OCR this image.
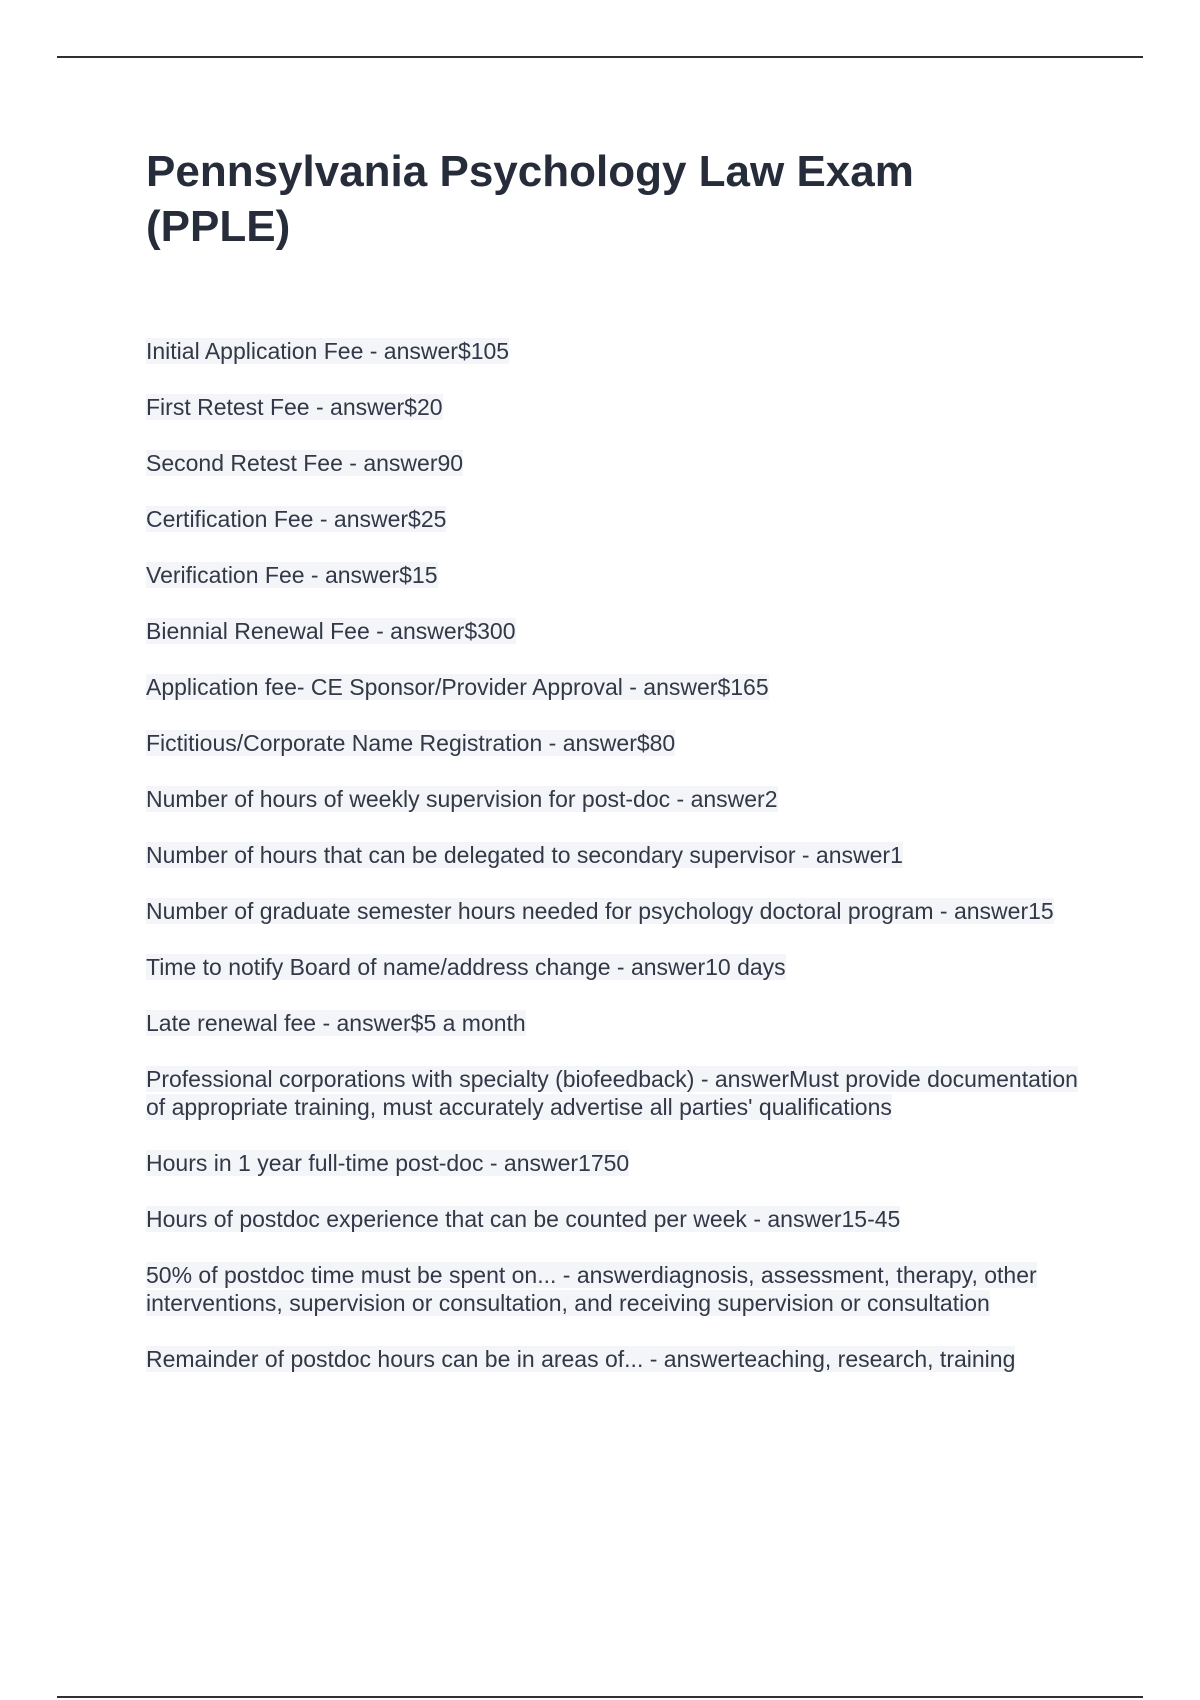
Pennsylvania Psychology Law Exam (PPLE)
Initial Application Fee - answer$105
First Retest Fee - answer$20
Second Retest Fee - answer90
Certification Fee - answer$25
Verification Fee - answer$15
Biennial Renewal Fee - answer$300
Application fee- CE Sponsor/Provider Approval - answer$165
Fictitious/Corporate Name Registration - answer$80
Number of hours of weekly supervision for post-doc - answer2
Number of hours that can be delegated to secondary supervisor - answer1
Number of graduate semester hours needed for psychology doctoral program - answer15
Time to notify Board of name/address change - answer10 days
Late renewal fee - answer$5 a month
Professional corporations with specialty (biofeedback) - answerMust provide documentation of appropriate training, must accurately advertise all parties' qualifications
Hours in 1 year full-time post-doc - answer1750
Hours of postdoc experience that can be counted per week - answer15-45
50% of postdoc time must be spent on... - answerdiagnosis, assessment, therapy, other interventions, supervision or consultation, and receiving supervision or consultation
Remainder of postdoc hours can be in areas of... - answerteaching, research, training
